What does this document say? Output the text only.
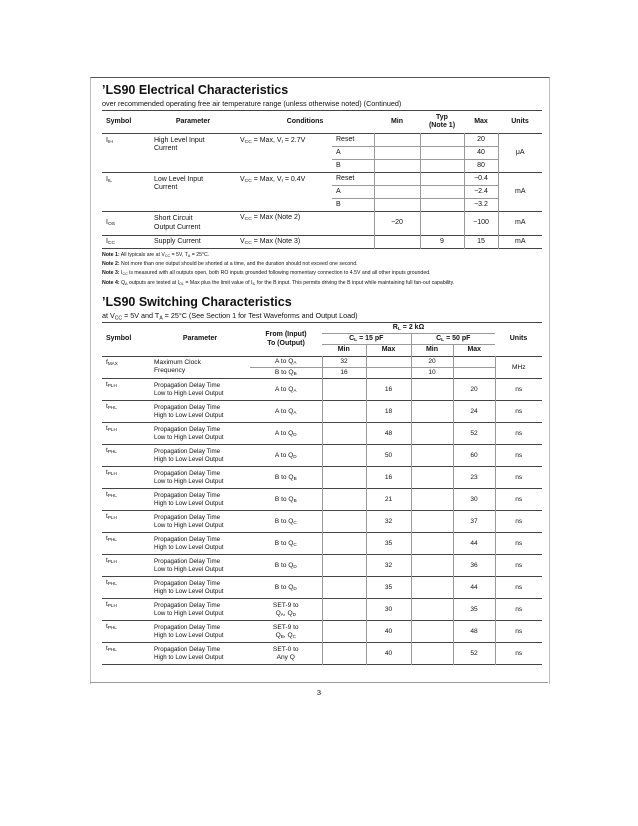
’LS90 Electrical Characteristics

over recommended operating free air temperature range (unless otherwise noted) (Continued)

Symbol	Parameter	Conditions		Min	Typ
(Note 1)	Max	Units
$I_{IH}$	High Level Input
Current	$V_{CC}$ = Max, $V_I = 2.7V$	Reset			20	μA
			A			40	
			B			80	
$I_{IL}$	Low Level Input
Current	$V_{CC}$ = Max, $V_I = 0.4V$	Reset			−0.4	mA
			A			−2.4	
			B			−3.2	
$I_{OS}$	Short Circuit
Output Current	$V_{CC}$ = Max (Note 2)		−20		−100	mA
$I_{CC}$	Supply Current	$V_{CC}$ = Max (Note 3)			9	15	mA
Note 1: All typicals are at $V_{CC} = 5V$, $T_A = 25^\circ C$.
Note 2: Not more than one output should be shorted at a time, and the duration should not exceed one second.
Note 3: $I_{CC}$ is measured with all outputs open, both RO inputs grounded following momentary connection to 4.5V and all other inputs grounded.
Note 4: $Q_A$ outputs are tested at $I_{OL}$ = Max plus the limit value of $I_{IL}$ for the B input. This permits driving the B input while maintaining full fan-out capability.
’LS90 Switching Characteristics

at $V_{CC} = 5V$ and $T_A = 25^\circ C$ (See Section 1 for Test Waveforms and Output Load)

Symbol	Parameter	From (Input)
To (Output)	$R_L = 2$ kΩ				Units
			$C_L = 15$ pF		$C_L = 50$ pF		
			Min	Max	Min	Max	
$f_{MAX}$	Maximum Clock
Frequency	A to $Q_A$	32		20		MHz
		B to $Q_B$	16		10		
$t_{PLH}$	Propagation Delay Time
Low to High Level Output	A to $Q_A$		16		20	ns
$t_{PHL}$	Propagation Delay Time
High to Low Level Output	A to $Q_A$		18		24	ns
$t_{PLH}$	Propagation Delay Time
Low to High Level Output	A to $Q_D$		48		52	ns
$t_{PHL}$	Propagation Delay Time
High to Low Level Output	A to $Q_D$		50		60	ns
$t_{PLH}$	Propagation Delay Time
Low to High Level Output	B to $Q_B$		16		23	ns
$t_{PHL}$	Propagation Delay Time
High to Low Level Output	B to $Q_B$		21		30	ns
$t_{PLH}$	Propagation Delay Time
Low to High Level Output	B to $Q_C$		32		37	ns
$t_{PHL}$	Propagation Delay Time
High to Low Level Output	B to $Q_C$		35		44	ns
$t_{PLH}$	Propagation Delay Time
Low to High Level Output	B to $Q_D$		32		36	ns
$t_{PHL}$	Propagation Delay Time
High to Low Level Output	B to $Q_D$		35		44	ns
$t_{PLH}$	Propagation Delay Time
Low to High Level Output	SET-9 to
$Q_A$, $Q_D$		30		35	ns
$t_{PHL}$	Propagation Delay Time
High to Low Level Output	SET-9 to
$Q_B$, $Q_C$		40		48	ns
$t_{PHL}$	Propagation Delay Time
High to Low Level Output	SET-0 to
Any Q		40		52	ns
3
